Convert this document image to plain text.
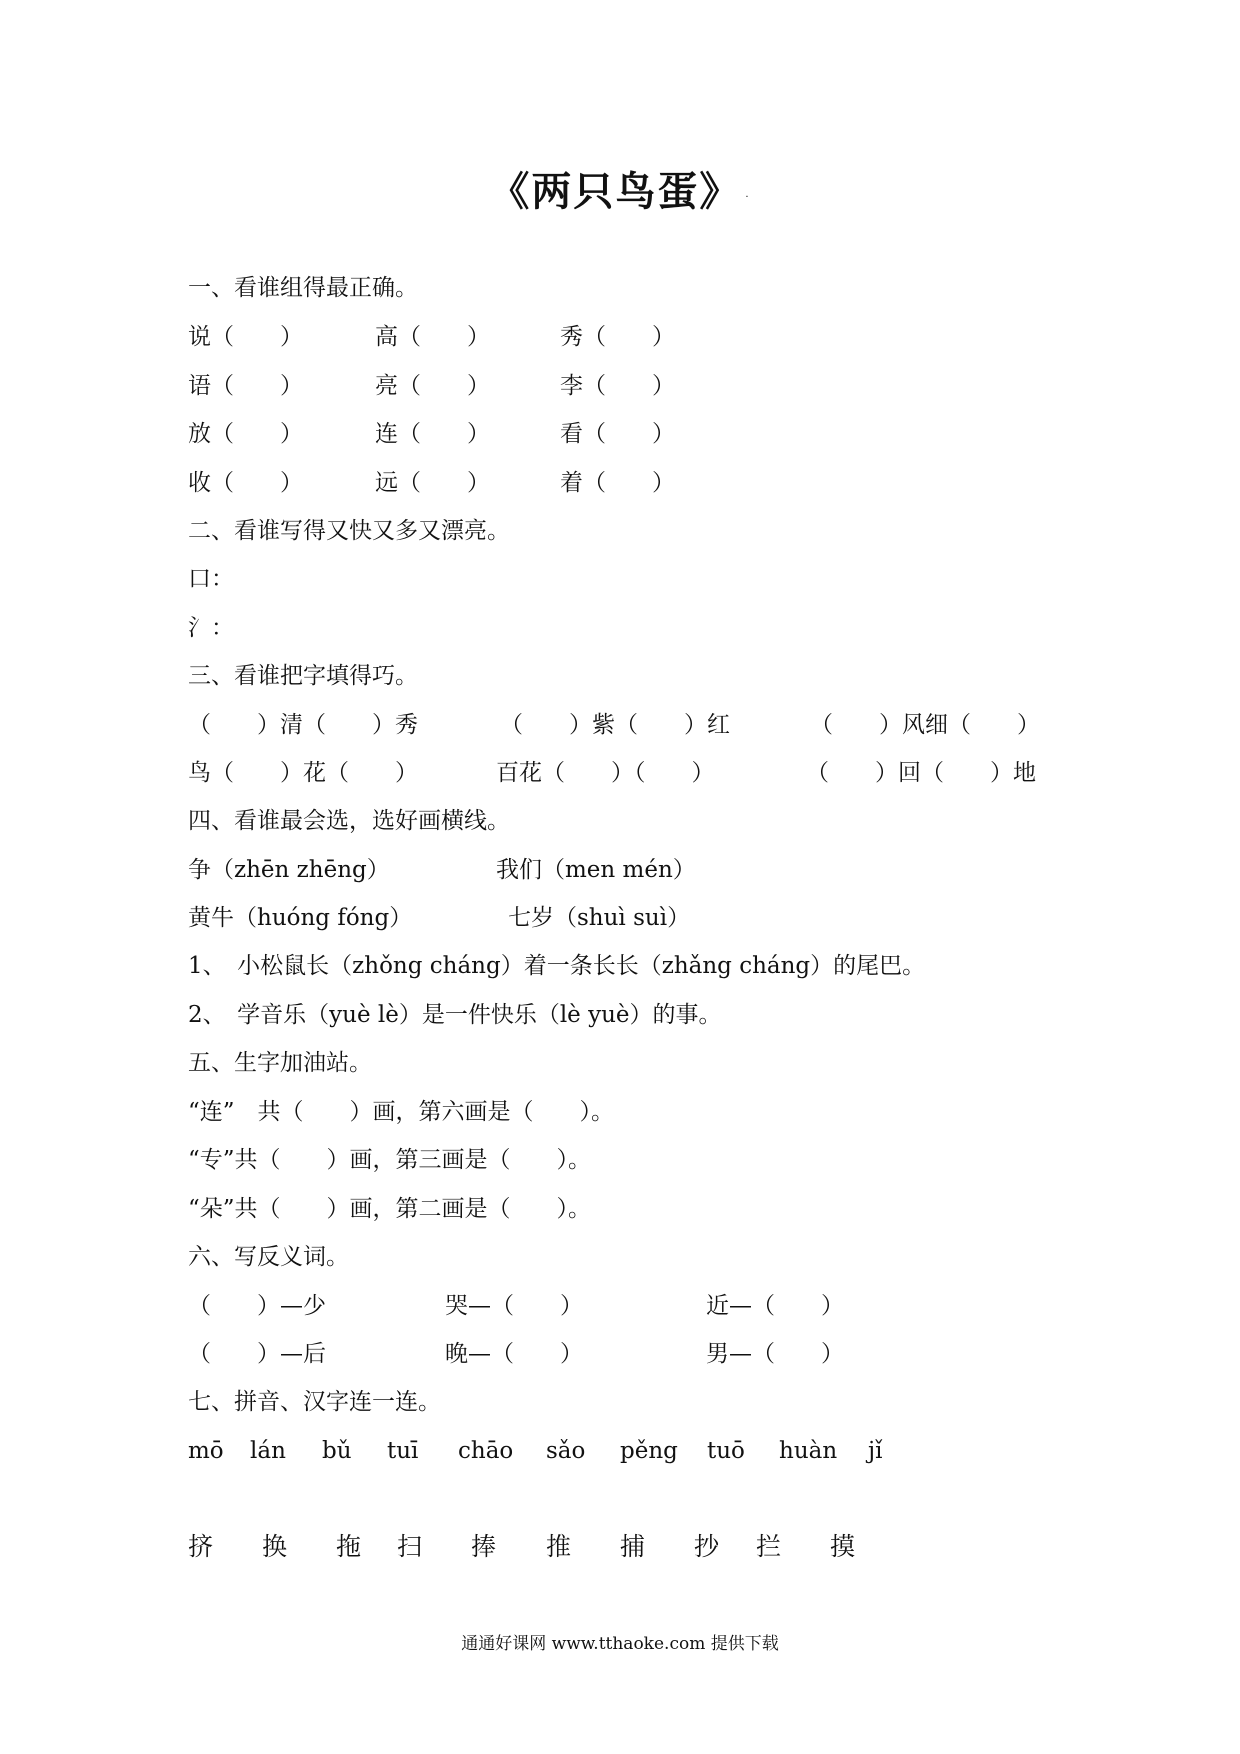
《两只鸟蛋》 .
一、看谁组得最正确。
说（　　）	高（　　）	秀（　　）
语（　　）	亮（　　）	李（　　）
放（　　）	连（　　）	看（　　）
收（　　）	远（　　）	着（　　）
二、看谁写得又快又多又漂亮。
口：
氵：
三、看谁把字填得巧。
（　　）清（　　）秀	（　　）紫（　　）红	（　　）风细（　　）
鸟（　　）花（　　）	百花（　　）（　　）	（　　）回（　　）地
四、看谁最会选，选好画横线。
争（zhēn zhēng）	我们（men mén）
黄牛（huóng fóng）	七岁（shuì suì）
1、　小松鼠长（zhǒng cháng）着一条长长（zhǎng cháng）的尾巴。
2、　学音乐（yuè lè）是一件快乐（lè yuè）的事。
五、生字加油站。
“连”　共（　　）画，第六画是（　　）。
“专”共（　　）画，第三画是（　　）。
“朵”共（　　）画，第二画是（　　）。
六、写反义词。
（　　）—少	哭—（　　）	近—（　　）
（　　）—后	晚—（　　）	男—（　　）
七、拼音、汉字连一连。
mō lán bǔ tuī chāo sǎo pěng tuō huàn jǐ
挤 换 拖 扫 捧 推 捕 抄 拦 摸
通通好课网 www.tthaoke.com 提供下载
